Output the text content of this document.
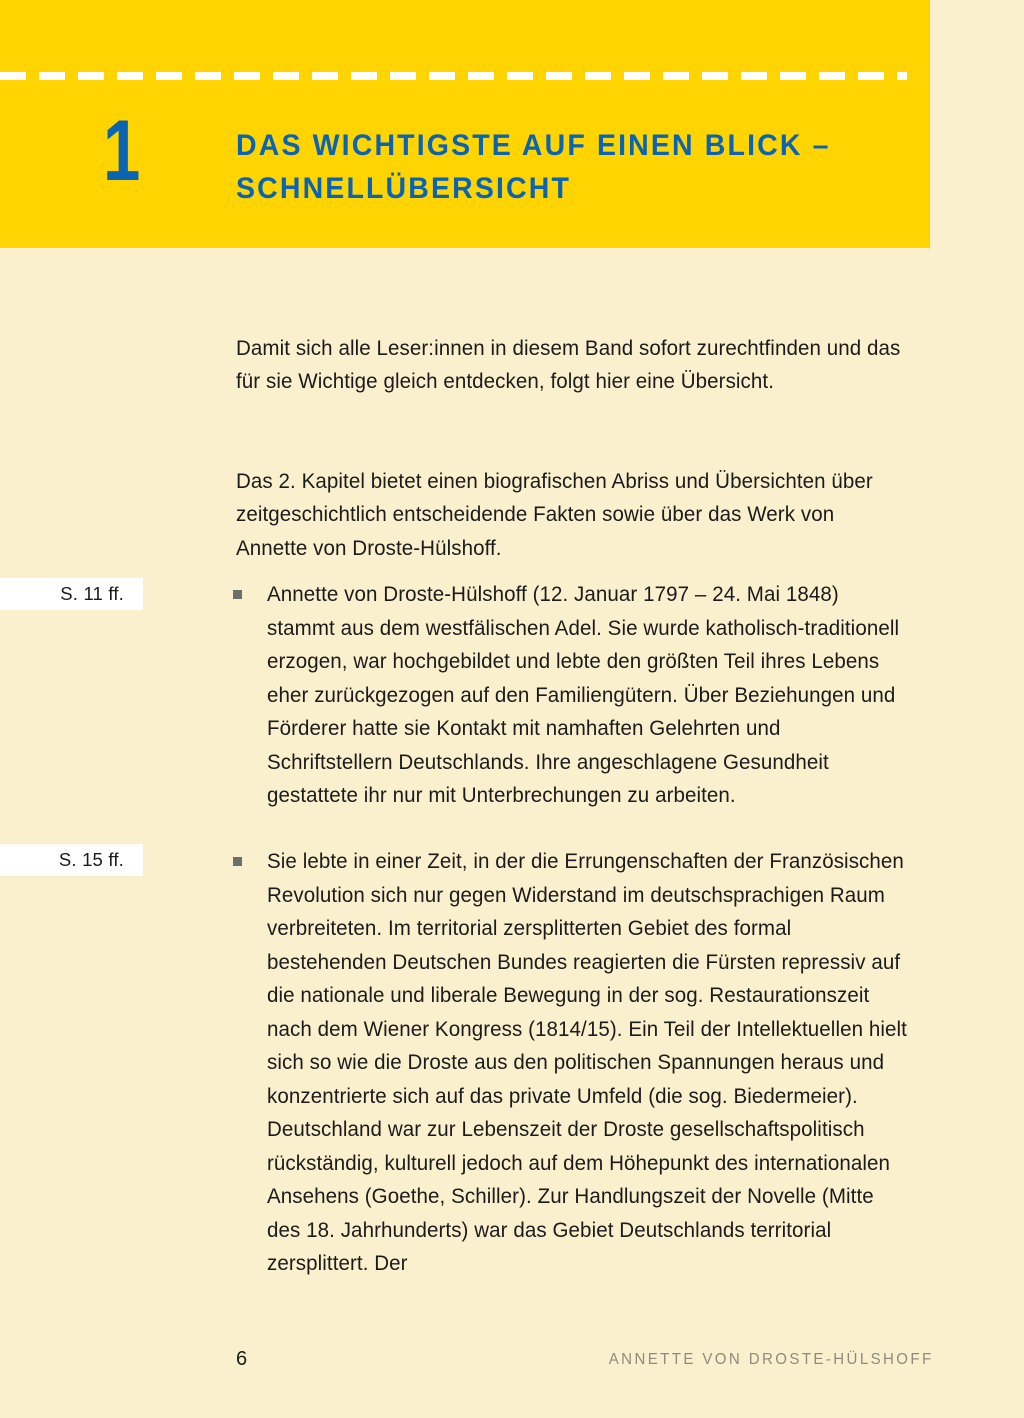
1	DAS WICHTIGSTE AUF EINEN BLICK –
SCHNELLÜBERSICHT

Damit sich alle Leser:innen in diesem Band sofort zurechtfinden und das für sie Wichtige gleich entdecken, folgt hier eine Übersicht.

Das 2. Kapitel bietet einen biografischen Abriss und Übersichten über zeitgeschichtlich entscheidende Fakten sowie über das Werk von Annette von Droste-Hülshoff.

S. 11 ff.
S. 15 ff.
Annette von Droste-Hülshoff (12. Januar 1797 – 24. Mai 1848) stammt aus dem westfälischen Adel. Sie wurde katholisch-traditionell erzogen, war hochgebildet und lebte den größten Teil ihres Lebens eher zurückgezogen auf den Familiengütern. Über Beziehungen und Förderer hatte sie Kontakt mit namhaften Gelehrten und Schriftstellern Deutschlands. Ihre angeschlagene Gesundheit gestattete ihr nur mit Unterbrechungen zu arbeiten.
Sie lebte in einer Zeit, in der die Errungenschaften der Französischen Revolution sich nur gegen Widerstand im deutschsprachigen Raum verbreiteten. Im territorial zersplitterten Gebiet des formal bestehenden Deutschen Bundes reagierten die Fürsten repressiv auf die nationale und liberale Bewegung in der sog. Restaurationszeit nach dem Wiener Kongress (1814/15). Ein Teil der Intellektuellen hielt sich so wie die Droste aus den politischen Spannungen heraus und konzentrierte sich auf das private Umfeld (die sog. Biedermeier). Deutschland war zur Lebenszeit der Droste gesellschaftspolitisch rückständig, kulturell jedoch auf dem Höhepunkt des internationalen Ansehens (Goethe, Schiller). Zur Handlungszeit der Novelle (Mitte des 18. Jahrhunderts) war das Gebiet Deutschlands territorial zersplittert. Der
6	ANNETTE VON DROSTE-HÜLSHOFF
